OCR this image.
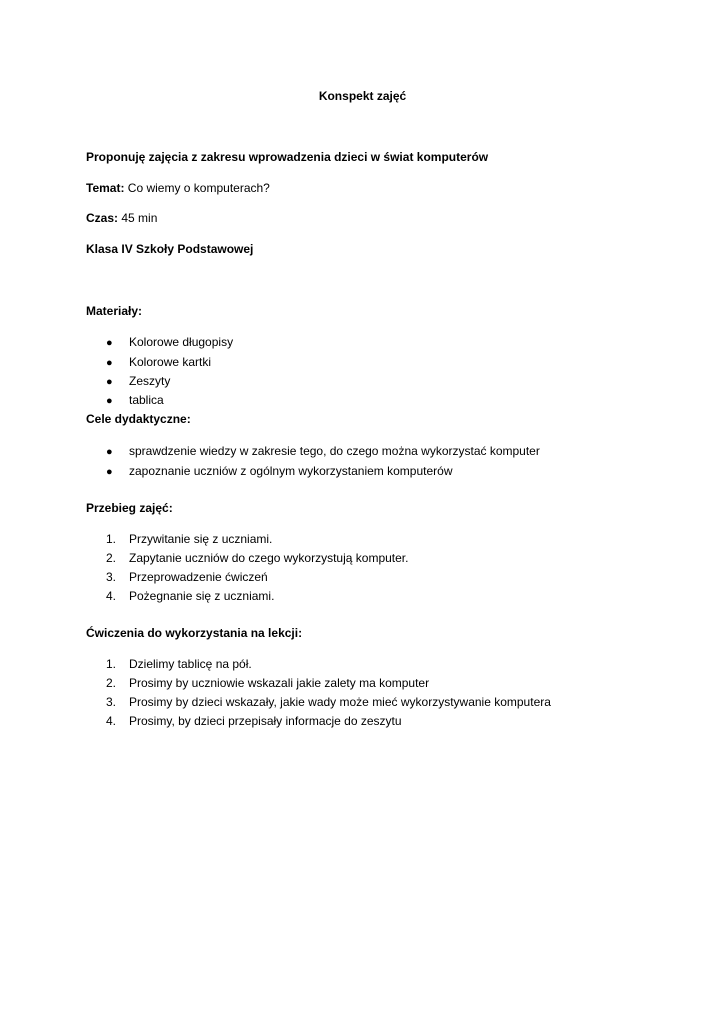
Konspekt zajęć
Proponuję zajęcia z zakresu wprowadzenia dzieci w świat komputerów
Temat: Co wiemy o komputerach?
Czas: 45 min
Klasa IV Szkoły Podstawowej
Materiały:
● Kolorowe długopisy
● Kolorowe kartki
● Zeszyty
● tablica
Cele dydaktyczne:
● sprawdzenie wiedzy w zakresie tego, do czego można wykorzystać komputer
● zapoznanie uczniów z ogólnym wykorzystaniem komputerów
Przebieg zajęć:
1. Przywitanie się z uczniami.
2. Zapytanie uczniów do czego wykorzystują komputer.
3. Przeprowadzenie ćwiczeń
4. Pożegnanie się z uczniami.
Ćwiczenia do wykorzystania na lekcji:
1. Dzielimy tablicę na pół.
2. Prosimy by uczniowie wskazali jakie zalety ma komputer
3. Prosimy by dzieci wskazały, jakie wady może mieć wykorzystywanie komputera
4. Prosimy, by dzieci przepisały informacje do zeszytu
